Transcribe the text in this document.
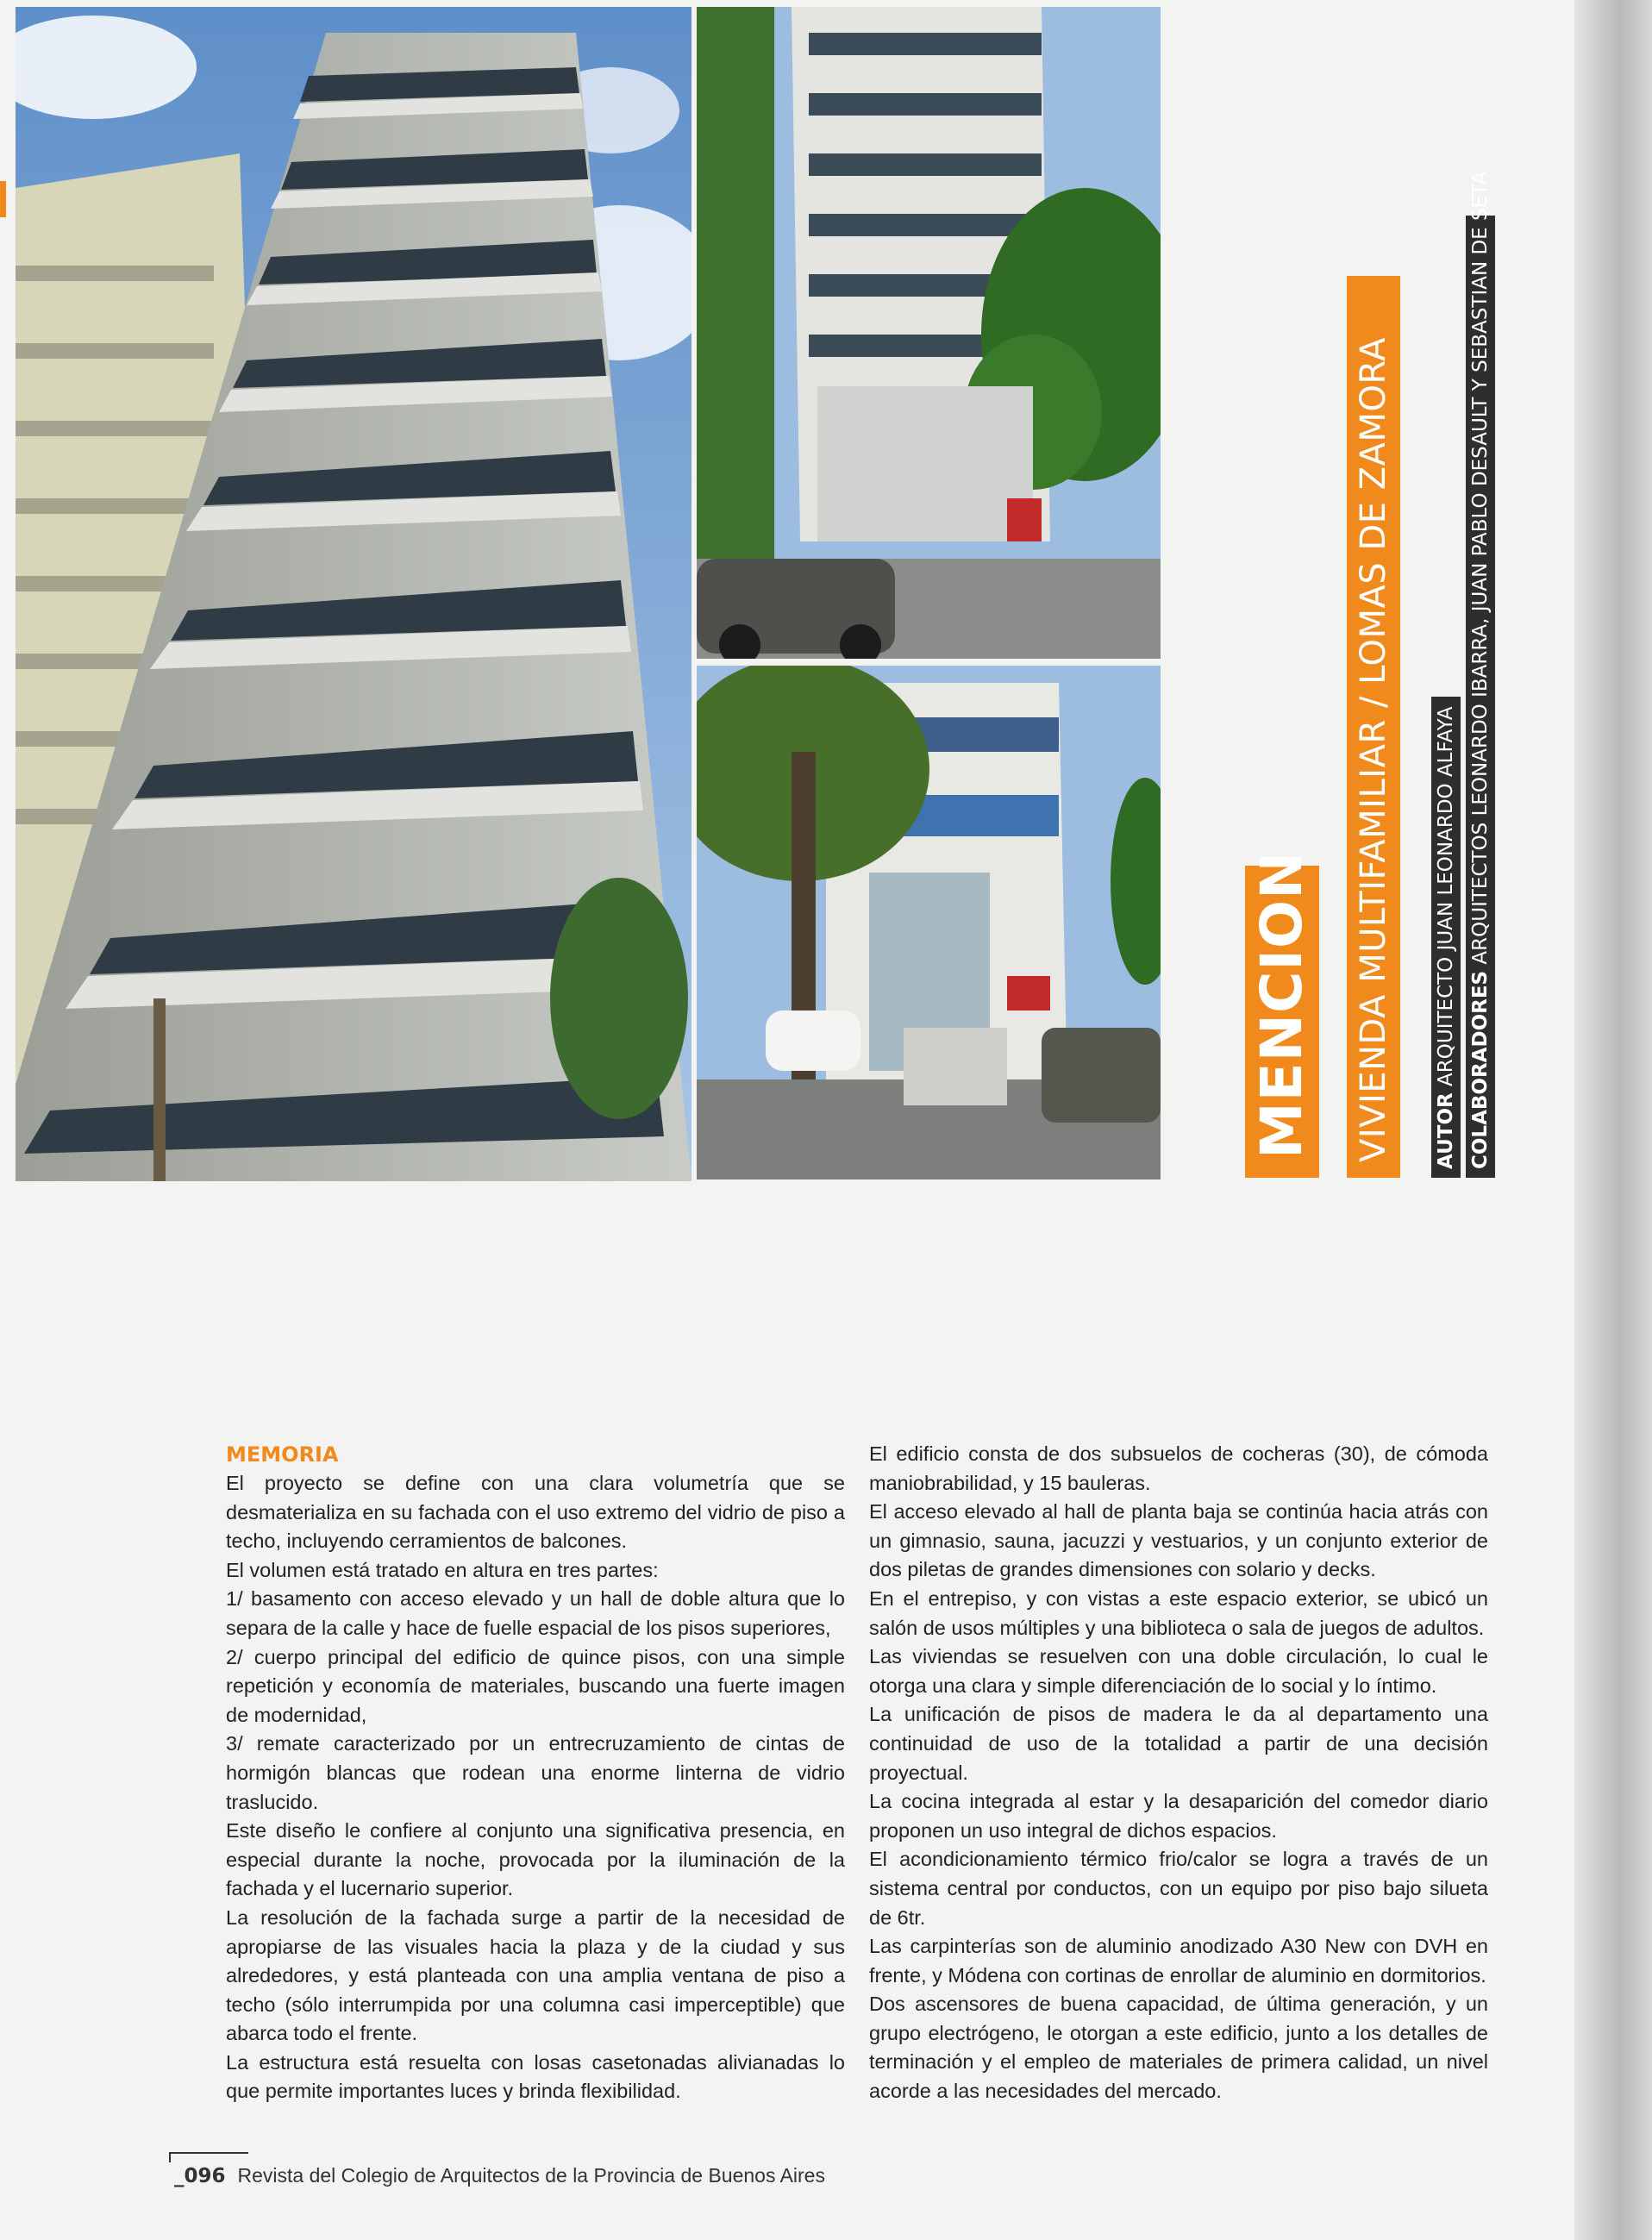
MENCION VIVIENDA MULTIFAMILIAR / LOMAS DE ZAMORA	AUTOR ARQUITECTO JUAN LEONARDO ALFAYA COLABORADORES ARQUITECTOS LEONARDO IBARRA, JUAN PABLO DESAULT Y SEBASTIAN DE SETA
MEMORIA

El proyecto se define con una clara volumetría que se desmaterializa en su fachada con el uso extremo del vidrio de piso a techo, incluyendo cerramientos de balcones.

El volumen está tratado en altura en tres partes:

1/ basamento con acceso elevado y un hall de doble altura que lo separa de la calle y hace de fuelle espacial de los pisos superiores,

2/ cuerpo principal del edificio de quince pisos, con una simple repetición y economía de materiales, buscando una fuerte imagen de modernidad,

3/ remate caracterizado por un entrecruzamiento de cintas de hormigón blancas que rodean una enorme linterna de vidrio traslucido.

Este diseño le confiere al conjunto una significativa presencia, en especial durante la noche, provocada por la iluminación de la fachada y el lucernario superior.

La resolución de la fachada surge a partir de la necesidad de apropiarse de las visuales hacia la plaza y de la ciudad y sus alrededores, y está planteada con una amplia ventana de piso a techo (sólo interrumpida por una columna casi imperceptible) que abarca todo el frente.

La estructura está resuelta con losas casetonadas alivianadas lo que permite importantes luces y brinda flexibilidad.

El edificio consta de dos subsuelos de cocheras (30), de cómoda maniobrabilidad, y 15 bauleras.

El acceso elevado al hall de planta baja se continúa hacia atrás con un gimnasio, sauna, jacuzzi y vestuarios, y un conjunto exterior de dos piletas de grandes dimensiones con solario y decks.

En el entrepiso, y con vistas a este espacio exterior, se ubicó un salón de usos múltiples y una biblioteca o sala de juegos de adultos.

Las viviendas se resuelven con una doble circulación, lo cual le otorga una clara y simple diferenciación de lo social y lo íntimo.

La unificación de pisos de madera le da al departamento una continuidad de uso de la totalidad a partir de una decisión proyectual.

La cocina integrada al estar y la desaparición del comedor diario proponen un uso integral de dichos espacios.

El acondicionamiento térmico frio/calor se logra a través de un sistema central por conductos, con un equipo por piso bajo silueta de 6tr.

Las carpinterías son de aluminio anodizado A30 New con DVH en frente, y Módena con cortinas de enrollar de aluminio en dormitorios.

Dos ascensores de buena capacidad, de última generación, y un grupo electrógeno, le otorgan a este edificio, junto a los detalles de terminación y el empleo de materiales de primera calidad, un nivel acorde a las necesidades del mercado.

_096 Revista del Colegio de Arquitectos de la Provincia de Buenos Aires
